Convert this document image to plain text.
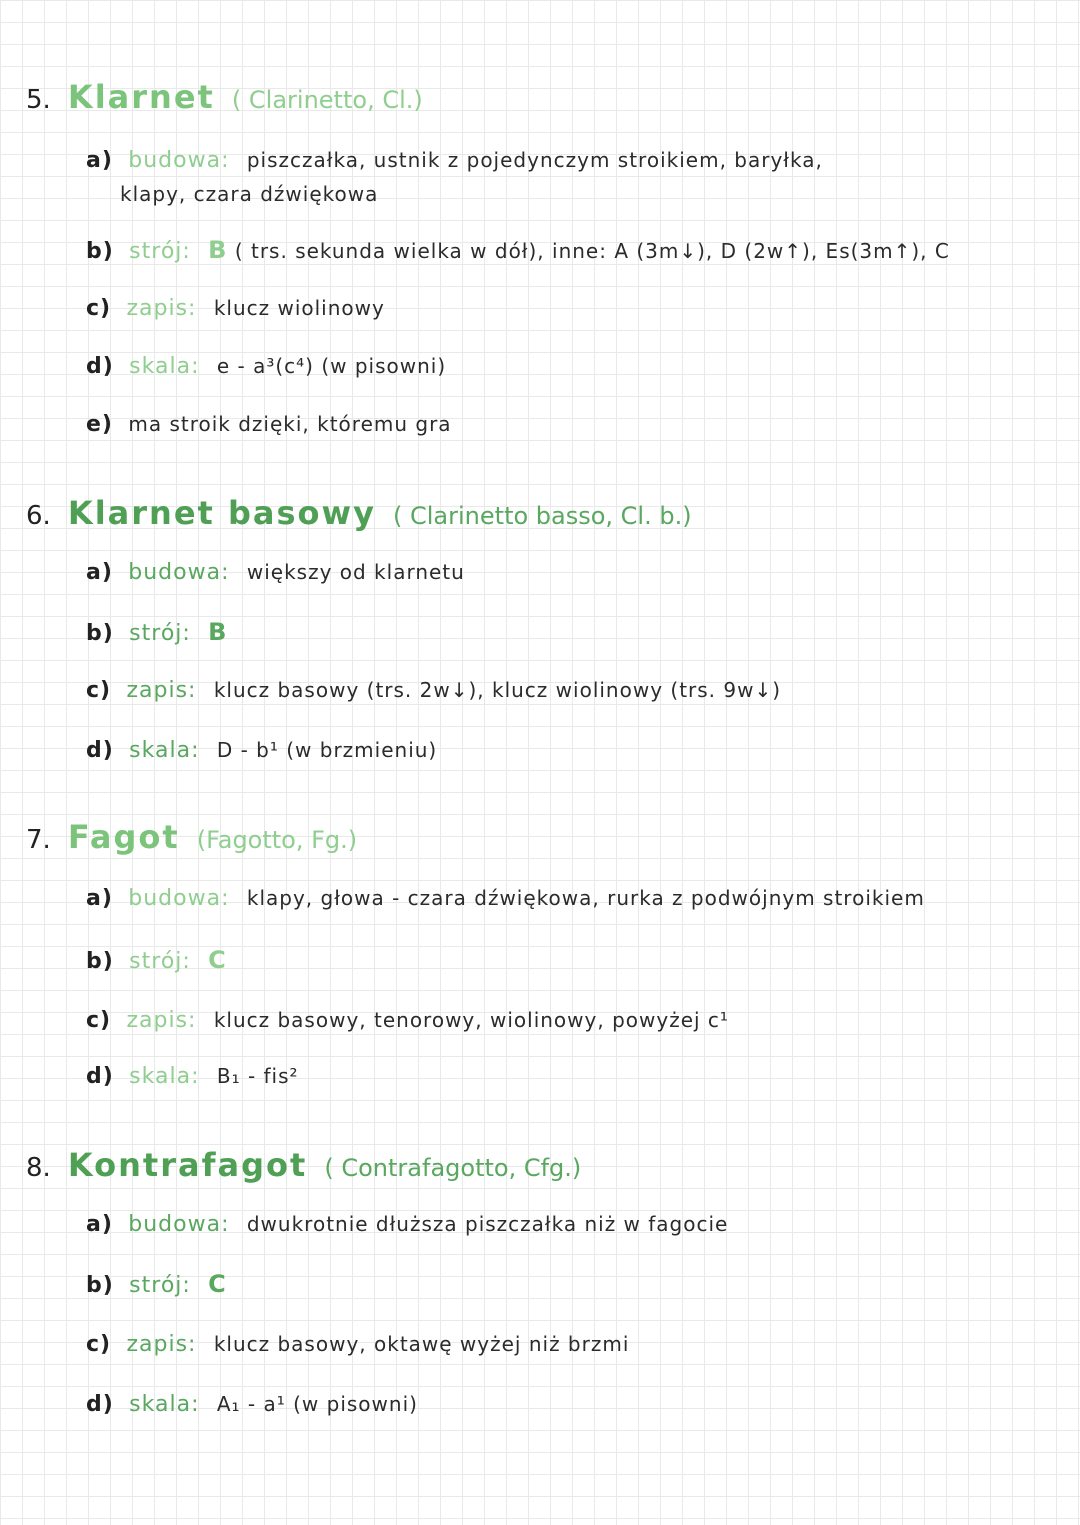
5. Klarnet ( Clarinetto, Cl.)
a) budowa: piszczałka, ustnik z pojedynczym stroikiem, baryłka,
klapy, czara dźwiękowa
b) strój: B ( trs. sekunda wielka w dół), inne: A (3m↓), D (2w↑), Es(3m↑), C
c) zapis: klucz wiolinowy
d) skala: e - a³(c⁴) (w pisowni)
e) ma stroik dzięki, któremu gra
6. Klarnet basowy ( Clarinetto basso, Cl. b.)
a) budowa: większy od klarnetu
b) strój: B
c) zapis: klucz basowy (trs. 2w↓), klucz wiolinowy (trs. 9w↓)
d) skala: D - b¹ (w brzmieniu)
7. Fagot (Fagotto, Fg.)
a) budowa: klapy, głowa - czara dźwiękowa, rurka z podwójnym stroikiem
b) strój: C
c) zapis: klucz basowy, tenorowy, wiolinowy, powyżej c¹
d) skala: B₁ - fis²
8. Kontrafagot ( Contrafagotto, Cfg.)
a) budowa: dwukrotnie dłuższa piszczałka niż w fagocie
b) strój: C
c) zapis: klucz basowy, oktawę wyżej niż brzmi
d) skala: A₁ - a¹ (w pisowni)
